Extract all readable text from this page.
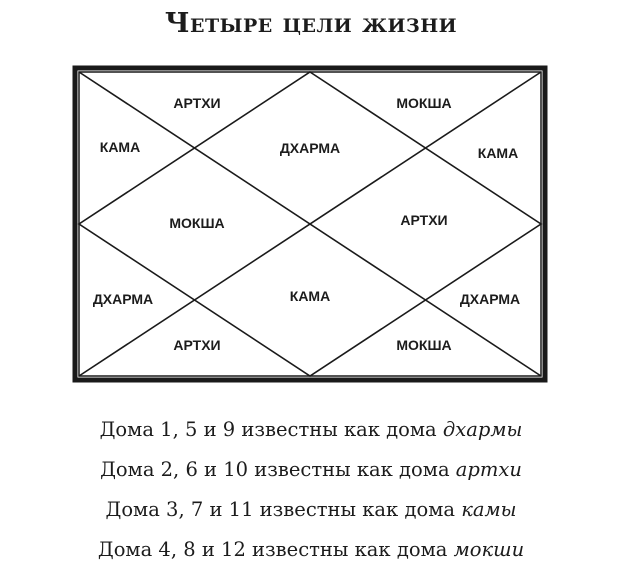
Четыре цели жизни
ДХАРМА
АРТХИ
КАМА
МОКША
ДХАРМА
АРТХИ
КАМА
МОКША
ДХАРМА
АРТХИ
КАМА
МОКША
Дома 1, 5 и 9 известны как дома дхармы
Дома 2, 6 и 10 известны как дома артхи
Дома 3, 7 и 11 известны как дома камы
Дома 4, 8 и 12 известны как дома мокши
